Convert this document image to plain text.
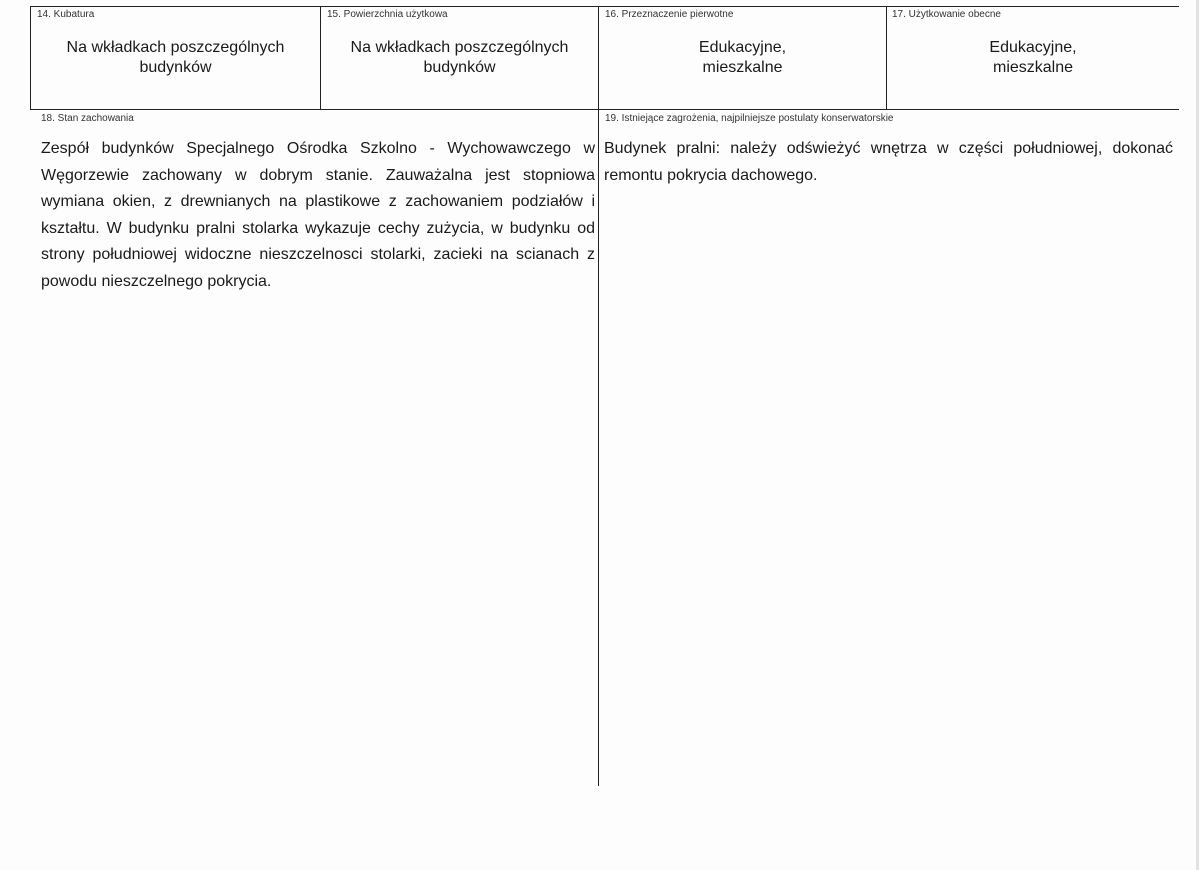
14. Kubatura
Na wkładkach poszczególnych
budynków
15. Powierzchnia użytkowa
Na wkładkach poszczególnych
budynków
16. Przeznaczenie pierwotne
Edukacyjne,
mieszkalne
17. Użytkowanie obecne
Edukacyjne,
mieszkalne
18. Stan zachowania
Zespół budynków Specjalnego Ośrodka Szkolno - Wychowawczego w Węgorzewie zachowany w dobrym stanie. Zauważalna jest stopniowa wymiana okien, z drewnianych na plastikowe z zachowaniem podziałów i kształtu. W budynku pralni stolarka wykazuje cechy zużycia, w budynku od strony południowej widoczne nieszczelnosci stolarki, zacieki na scianach z powodu nieszczelnego pokrycia.
19. Istniejące zagrożenia, najpilniejsze postulaty konserwatorskie
Budynek pralni: należy odświeżyć wnętrza w części południowej, dokonać remontu pokrycia dachowego.
